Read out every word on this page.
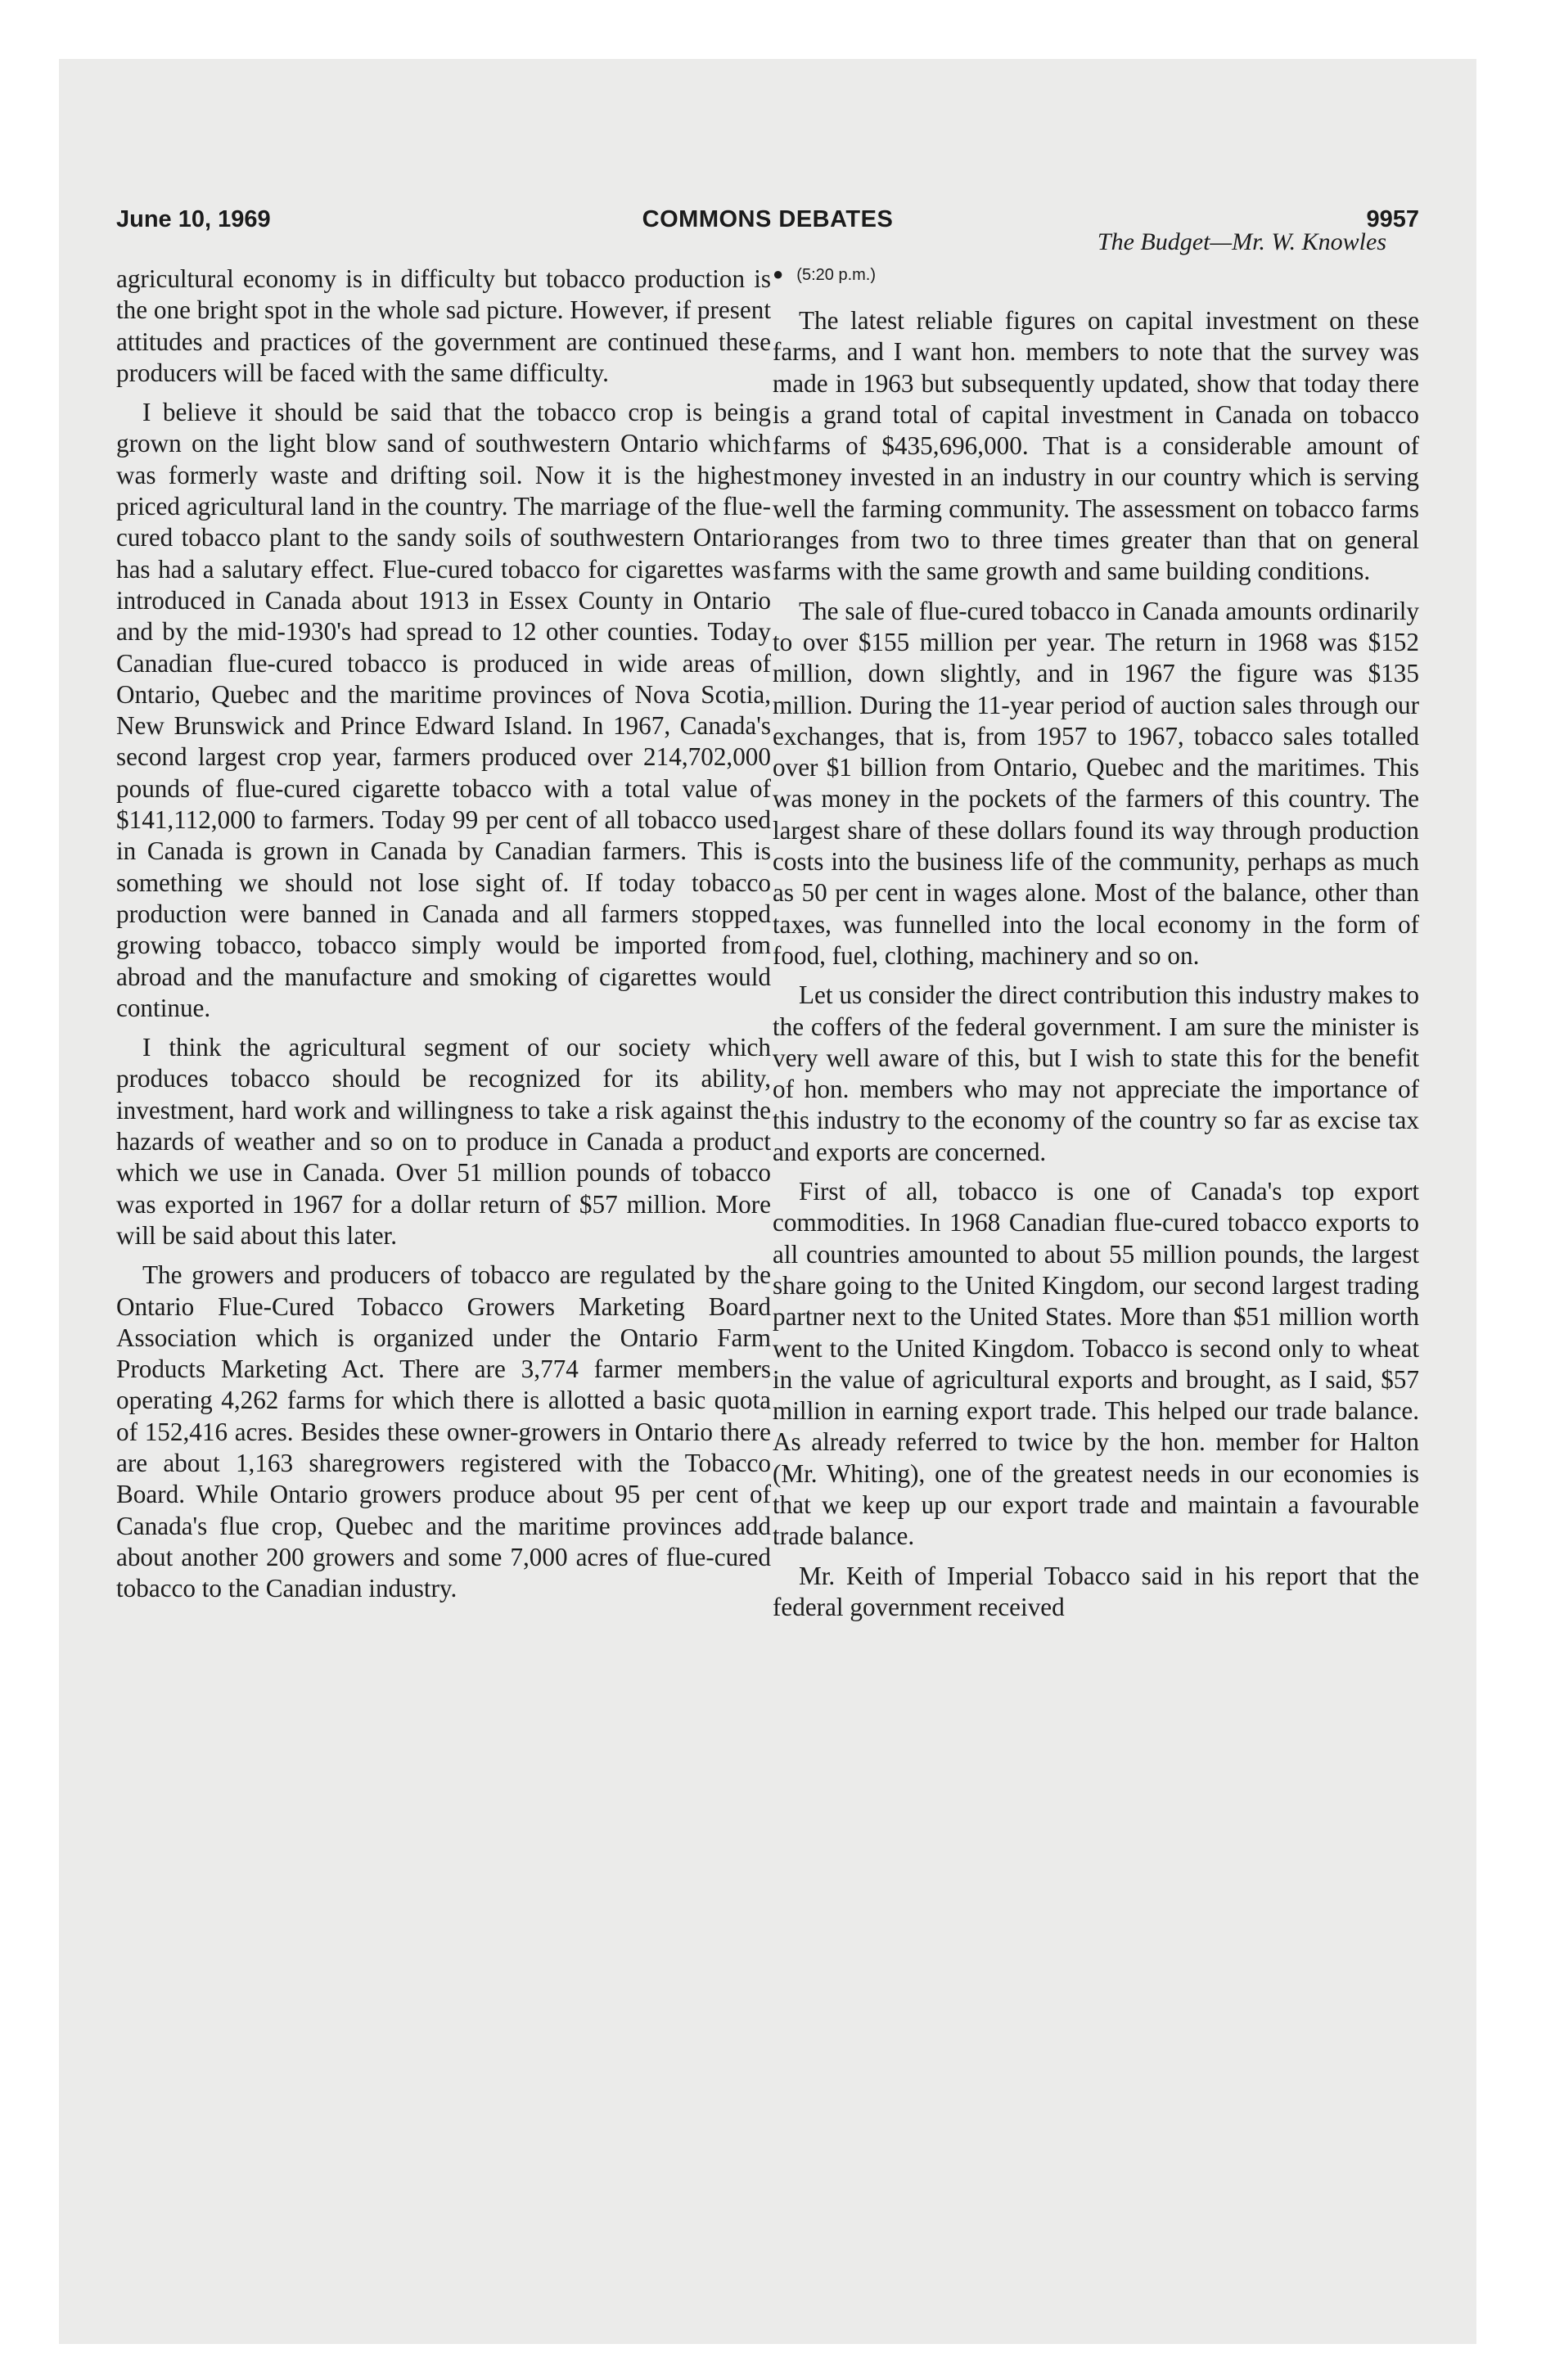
June 10, 1969	COMMONS DEBATES	9957

agricultural economy is in difficulty but tobacco production is the one bright spot in the whole sad picture. However, if present attitudes and practices of the government are continued these producers will be faced with the same difficulty.

I believe it should be said that the tobacco crop is being grown on the light blow sand of southwestern Ontario which was formerly waste and drifting soil. Now it is the highest priced agricultural land in the country. The marriage of the flue-cured tobacco plant to the sandy soils of southwestern Ontario has had a salutary effect. Flue-cured tobacco for cigarettes was introduced in Canada about 1913 in Essex County in Ontario and by the mid-1930's had spread to 12 other counties. Today Canadian flue-cured tobacco is produced in wide areas of Ontario, Quebec and the maritime provinces of Nova Scotia, New Brunswick and Prince Edward Island. In 1967, Canada's second largest crop year, farmers produced over 214,702,000 pounds of flue-cured cigarette tobacco with a total value of $141,112,000 to farmers. Today 99 per cent of all tobacco used in Canada is grown in Canada by Canadian farmers. This is something we should not lose sight of. If today tobacco production were banned in Canada and all farmers stopped growing tobacco, tobacco simply would be imported from abroad and the manufacture and smoking of cigarettes would continue.

I think the agricultural segment of our society which produces tobacco should be recognized for its ability, investment, hard work and willingness to take a risk against the hazards of weather and so on to produce in Canada a product which we use in Canada. Over 51 million pounds of tobacco was exported in 1967 for a dollar return of $57 million. More will be said about this later.

The growers and producers of tobacco are regulated by the Ontario Flue-Cured Tobacco Growers Marketing Board Association which is organized under the Ontario Farm Products Marketing Act. There are 3,774 farmer members operating 4,262 farms for which there is allotted a basic quota of 152,416 acres. Besides these owner-growers in Ontario there are about 1,163 sharegrowers registered with the Tobacco Board. While Ontario growers produce about 95 per cent of Canada's flue crop, Quebec and the maritime provinces add about another 200 growers and some 7,000 acres of flue-cured tobacco to the Canadian industry.

The Budget—Mr. W. Knowles
● (5:20 p.m.)

The latest reliable figures on capital investment on these farms, and I want hon. members to note that the survey was made in 1963 but subsequently updated, show that today there is a grand total of capital investment in Canada on tobacco farms of $435,696,000. That is a considerable amount of money invested in an industry in our country which is serving well the farming community. The assessment on tobacco farms ranges from two to three times greater than that on general farms with the same growth and same building conditions.

The sale of flue-cured tobacco in Canada amounts ordinarily to over $155 million per year. The return in 1968 was $152 million, down slightly, and in 1967 the figure was $135 million. During the 11-year period of auction sales through our exchanges, that is, from 1957 to 1967, tobacco sales totalled over $1 billion from Ontario, Quebec and the maritimes. This was money in the pockets of the farmers of this country. The largest share of these dollars found its way through production costs into the business life of the community, perhaps as much as 50 per cent in wages alone. Most of the balance, other than taxes, was funnelled into the local economy in the form of food, fuel, clothing, machinery and so on.

Let us consider the direct contribution this industry makes to the coffers of the federal government. I am sure the minister is very well aware of this, but I wish to state this for the benefit of hon. members who may not appreciate the importance of this industry to the economy of the country so far as excise tax and exports are concerned.

First of all, tobacco is one of Canada's top export commodities. In 1968 Canadian flue-cured tobacco exports to all countries amounted to about 55 million pounds, the largest share going to the United Kingdom, our second largest trading partner next to the United States. More than $51 million worth went to the United Kingdom. Tobacco is second only to wheat in the value of agricultural exports and brought, as I said, $57 million in earning export trade. This helped our trade balance. As already referred to twice by the hon. member for Halton (Mr. Whiting), one of the greatest needs in our economies is that we keep up our export trade and maintain a favourable trade balance.

Mr. Keith of Imperial Tobacco said in his report that the federal government received
